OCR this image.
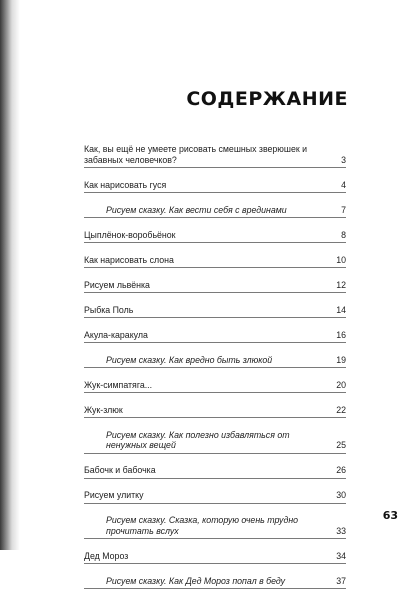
СОДЕРЖАНИЕ
Как, вы ещё не умеете рисовать смешных зверюшек и забавных человечков?	3
Как нарисовать гуся	4
Рисуем сказку. Как вести себя с врединами	7
Цыплёнок-воробьёнок	8
Как нарисовать слона	10
Рисуем львёнка	12
Рыбка Поль	14
Акула-каракула	16
Рисуем сказку. Как вредно быть злюкой	19
Жук-симпатяга...	20
Жук-злюк	22
Рисуем сказку. Как полезно избавляться от ненужных вещей	25
Бабочк и бабочка	26
Рисуем улитку	30
Рисуем сказку. Сказка, которую очень трудно прочитать вслух	33
Дед Мороз	34
Рисуем сказку. Как Дед Мороз попал в беду	37
63
